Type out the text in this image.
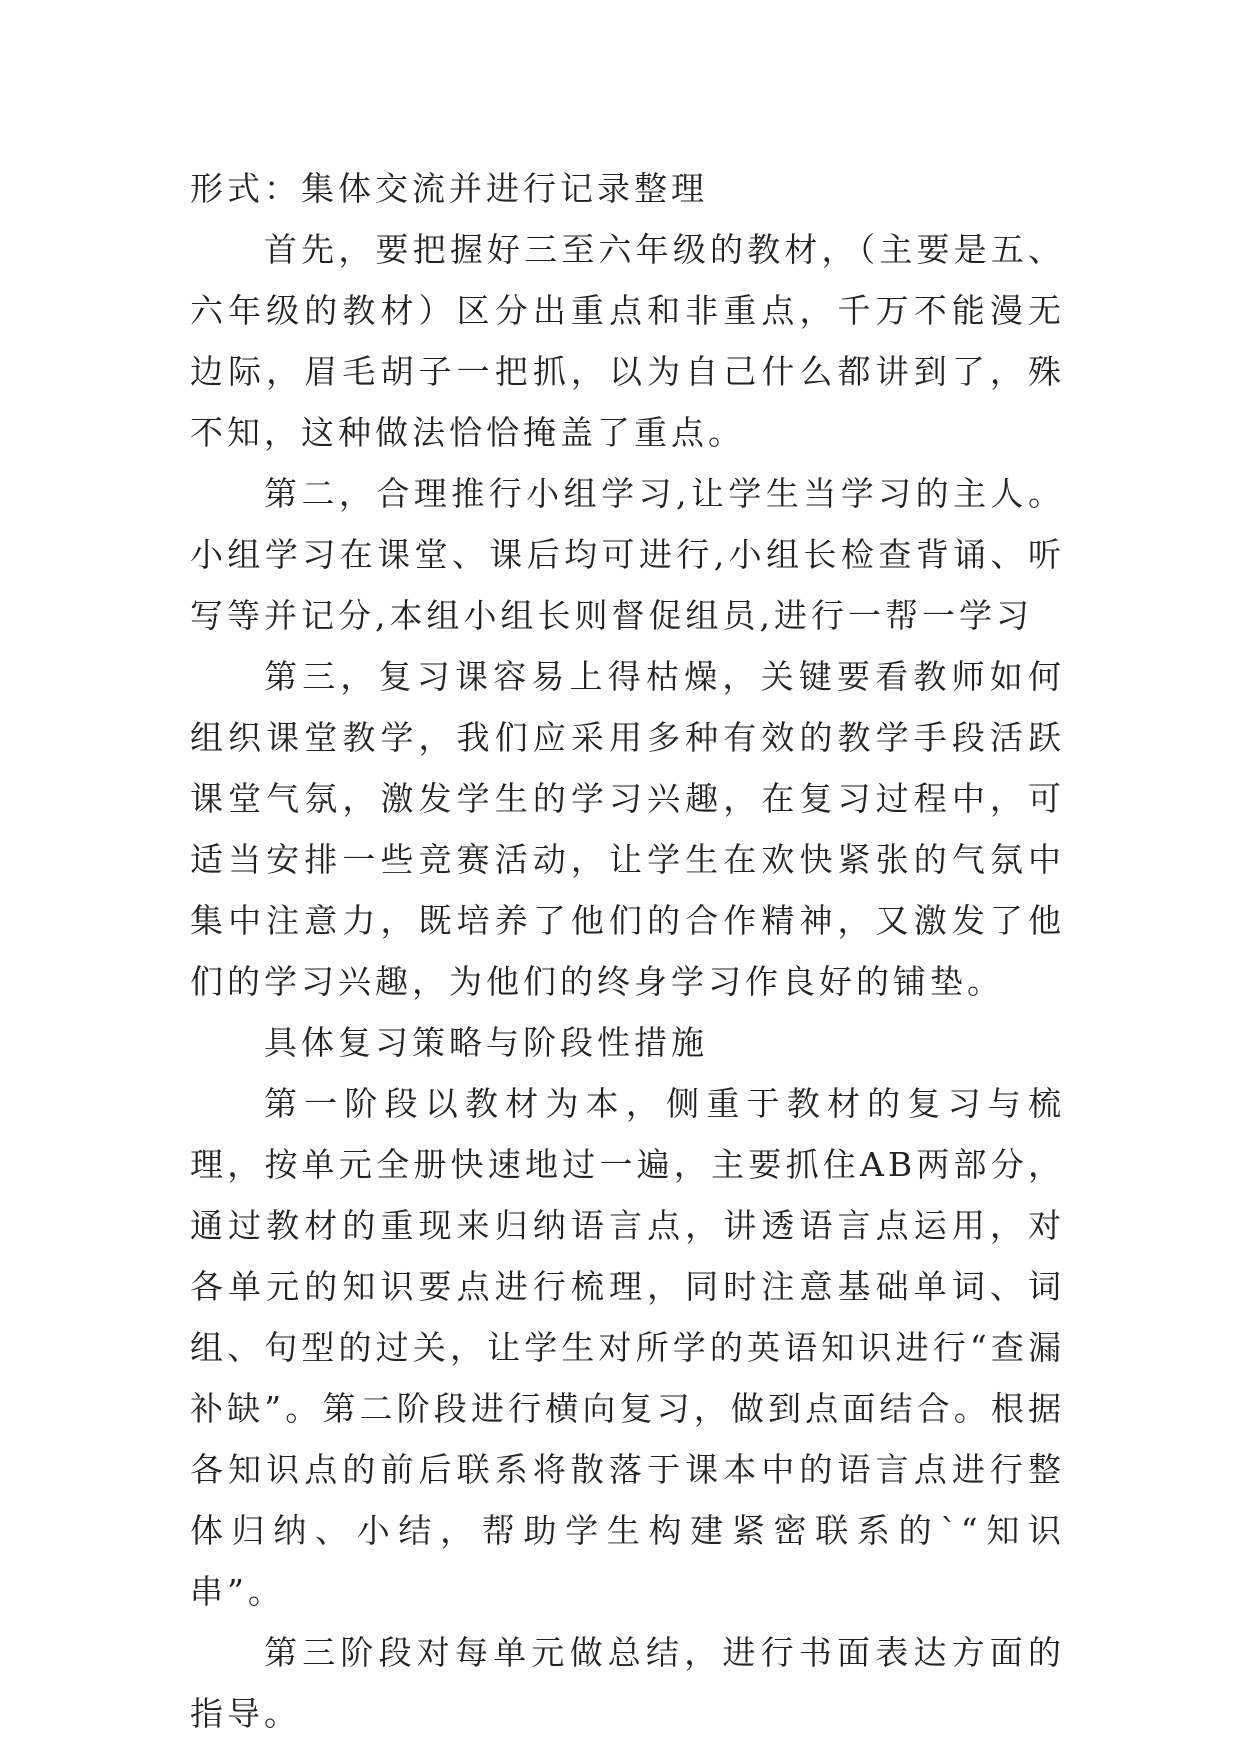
形式：集体交流并进行记录整理

首先，要把握好三至六年级的教材，（主要是五、六年级的教材）区分出重点和非重点，千万不能漫无边际，眉毛胡子一把抓，以为自己什么都讲到了，殊不知，这种做法恰恰掩盖了重点。

第二，合理推行小组学习,让学生当学习的主人。小组学习在课堂、课后均可进行,小组长检查背诵、听写等并记分,本组小组长则督促组员,进行一帮一学习

第三，复习课容易上得枯燥，关键要看教师如何组织课堂教学，我们应采用多种有效的教学手段活跃课堂气氛，激发学生的学习兴趣，在复习过程中，可适当安排一些竞赛活动，让学生在欢快紧张的气氛中集中注意力，既培养了他们的合作精神，又激发了他们的学习兴趣，为他们的终身学习作良好的铺垫。

具体复习策略与阶段性措施

第一阶段以教材为本，侧重于教材的复习与梳理，按单元全册快速地过一遍，主要抓住AB两部分，通过教材的重现来归纳语言点，讲透语言点运用，对各单元的知识要点进行梳理，同时注意基础单词、词组、句型的过关，让学生对所学的英语知识进行“查漏补缺”。第二阶段进行横向复习，做到点面结合。根据各知识点的前后联系将散落于课本中的语言点进行整体归纳、小结，帮助学生构建紧密联系的`“知识串”。

第三阶段对每单元做总结，进行书面表达方面的指导。
